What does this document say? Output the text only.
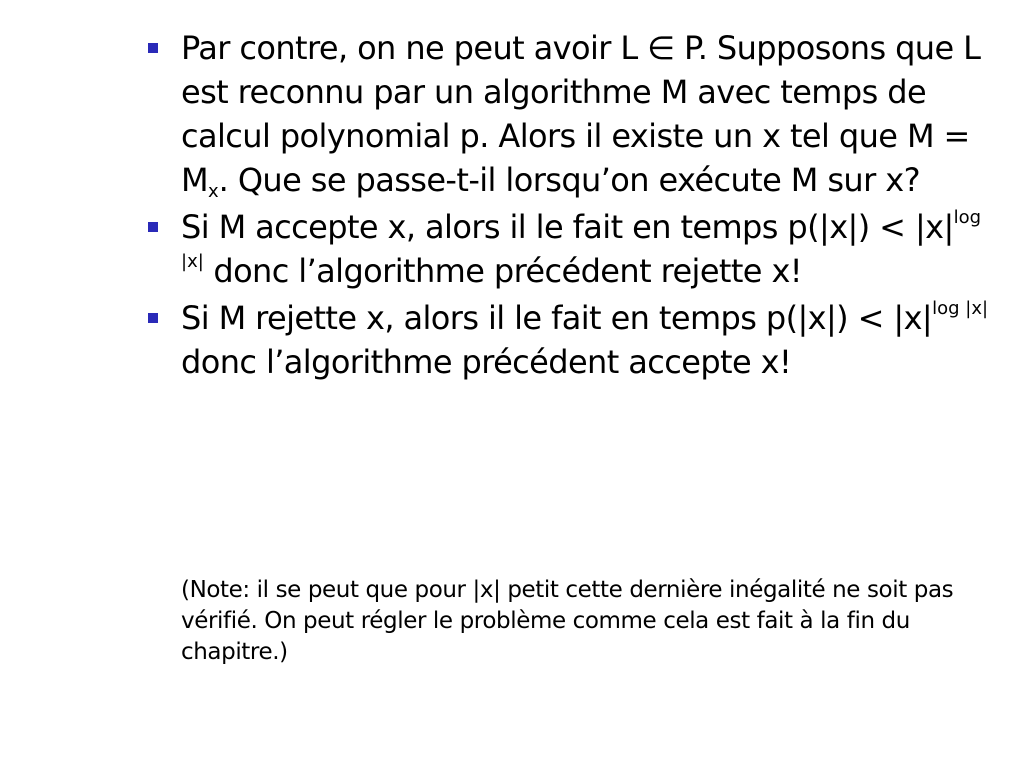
Par contre, on ne peut avoir L ∈ P. Supposons que L est reconnu par un algorithme M avec temps de calcul polynomial p. Alors il existe un x tel que $M = M_x$. Que se passe-t-il lorsqu’on exécute M sur x?
Si M accepte x, alors il le fait en temps $p(|x|) < |x|^{log |x|}$ donc l’algorithme précédent rejette x!
Si M rejette x, alors il le fait en temps $p(|x|) < |x|^{log |x|}$ donc l’algorithme précédent accepte x!

(Note: il se peut que pour |x| petit cette dernière inégalité ne soit pas vérifié. On peut régler le problème comme cela est fait à la fin du chapitre.)
